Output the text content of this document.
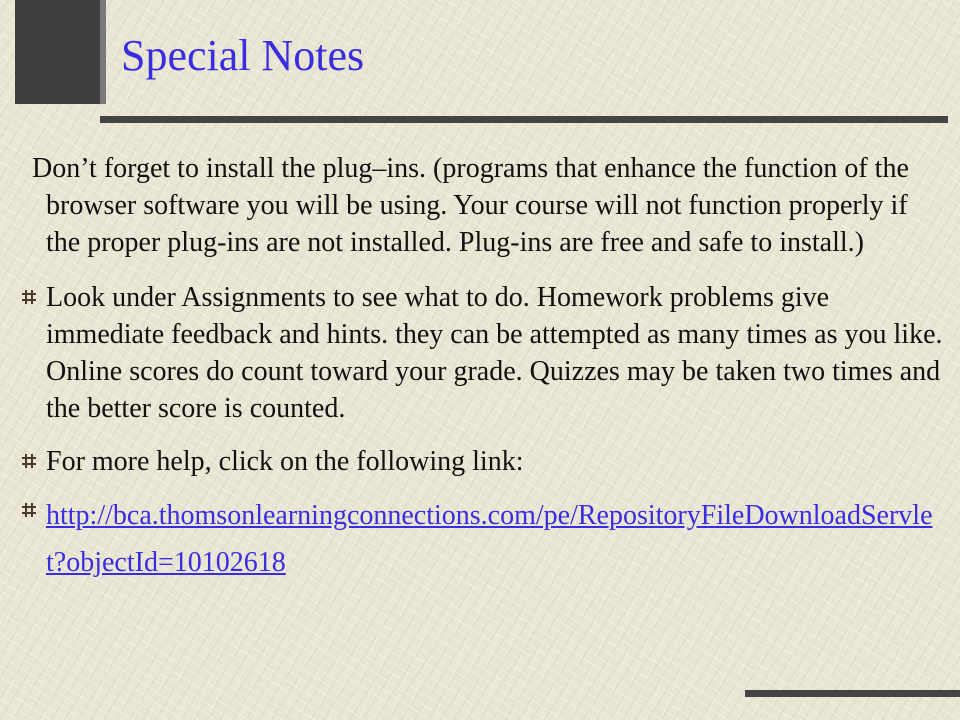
Special Notes

Don’t forget to install the plug–ins. (programs that enhance the function of the browser software you will be using. Your course will not function properly if the proper plug-ins are not installed. Plug-ins are free and safe to install.)

Look under Assignments to see what to do. Homework problems give immediate feedback and hints. they can be attempted as many times as you like. Online scores do count toward your grade. Quizzes may be taken two times and the better score is counted.
For more help, click on the following link:
http://bca.thomsonlearningconnections.com/pe/RepositoryFileDownloadServlet?objectId=10102618
